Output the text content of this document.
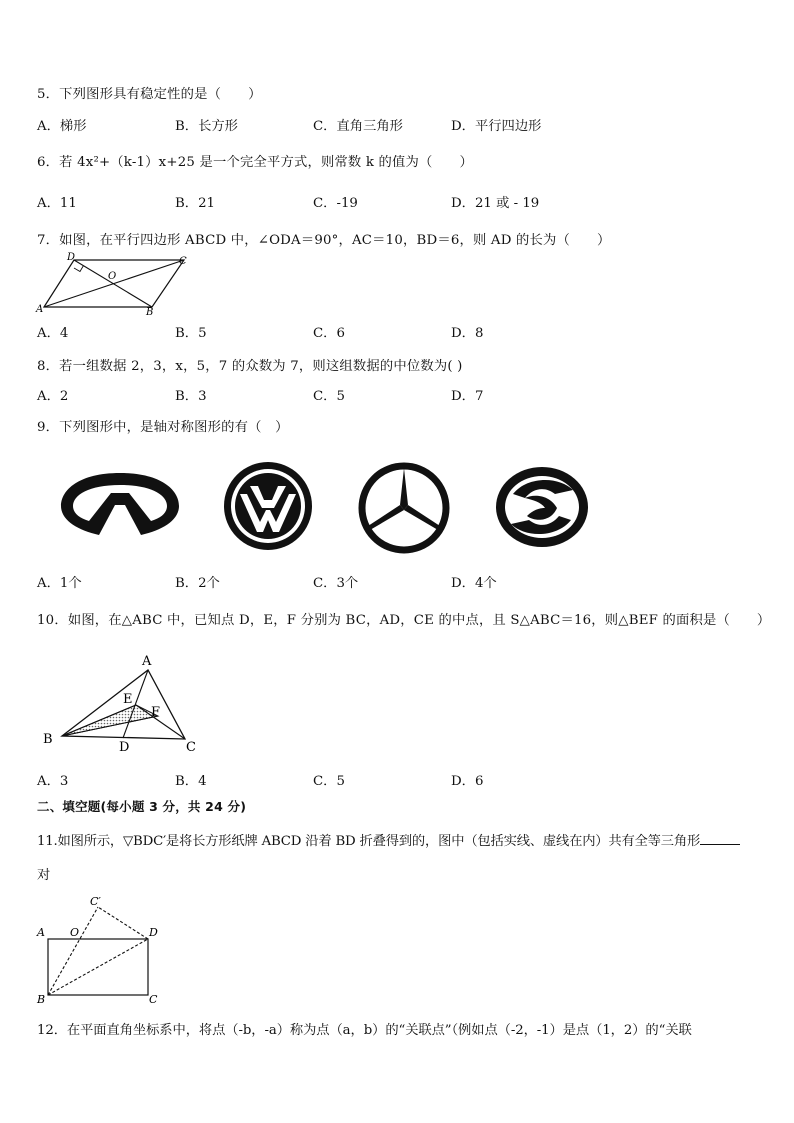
5．下列图形具有稳定性的是（　　）
A．梯形	B．长方形	C．直角三角形	D．平行四边形
6．若 4x²+（k-1）x+25 是一个完全平方式，则常数 k 的值为（　　）
A．11	B．21	C．-19	D．21 或 - 19
7．如图，在平行四边形 ABCD 中，∠ODA＝90°，AC＝10，BD＝6，则 AD 的长为（　　）
A	B
C
D
O
A．4	B．5	C．6	D．8
8．若一组数据 2，3，x，5，7 的众数为 7，则这组数据的中位数为( )
A．2	B．3	C．5	D．7
9．下列图形中，是轴对称图形的有（　）
A．1个	B．2个	C．3个	D．4个
10．如图，在△ABC 中，已知点 D，E，F 分别为 BC，AD，CE 的中点，且 S△ABC＝16，则△BEF 的面积是（　　）
A
B
C
D
E
F
A．3	B．4	C．5	D．6
二、填空题(每小题 3 分，共 24 分)
11.如图所示，▽BDC′是将长方形纸牌 ABCD 沿着 BD 折叠得到的，图中（包括实线、虚线在内）共有全等三角形
对
A
B	C
D
O
C′
12．在平面直角坐标系中，将点（-b，-a）称为点（a，b）的“关联点”（例如点（-2，-1）是点（1，2）的“关联
